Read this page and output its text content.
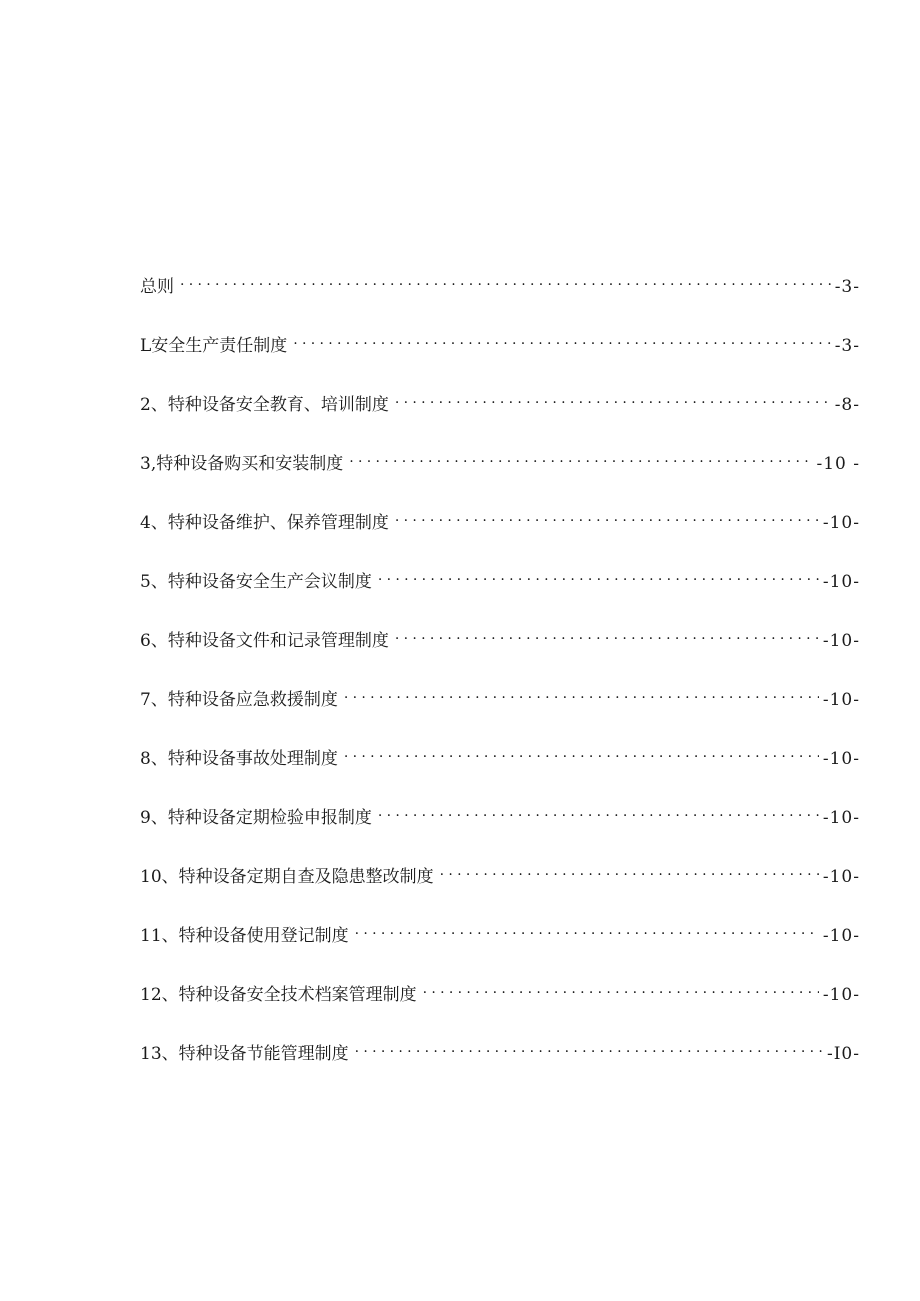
总则 .....	-3-
L安全生产责任制度 .....	-3-
2、特种设备安全教育、培训制度 .....	-8-
3,特种设备购买和安装制度 .....	-10 -
4、特种设备维护、保养管理制度 .....	-10-
5、特种设备安全生产会议制度 .....	-10-
6、特种设备文件和记录管理制度 .....	-10-
7、特种设备应急救援制度 .....	-10-
8、特种设备事故处理制度 .....	-10-
9、特种设备定期检验申报制度 .....	-10-
10、特种设备定期自查及隐患整改制度 .....	-10-
11、特种设备使用登记制度 .....	-10-
12、特种设备安全技术档案管理制度 .....	-10-
13、特种设备节能管理制度 .....	-I0-
